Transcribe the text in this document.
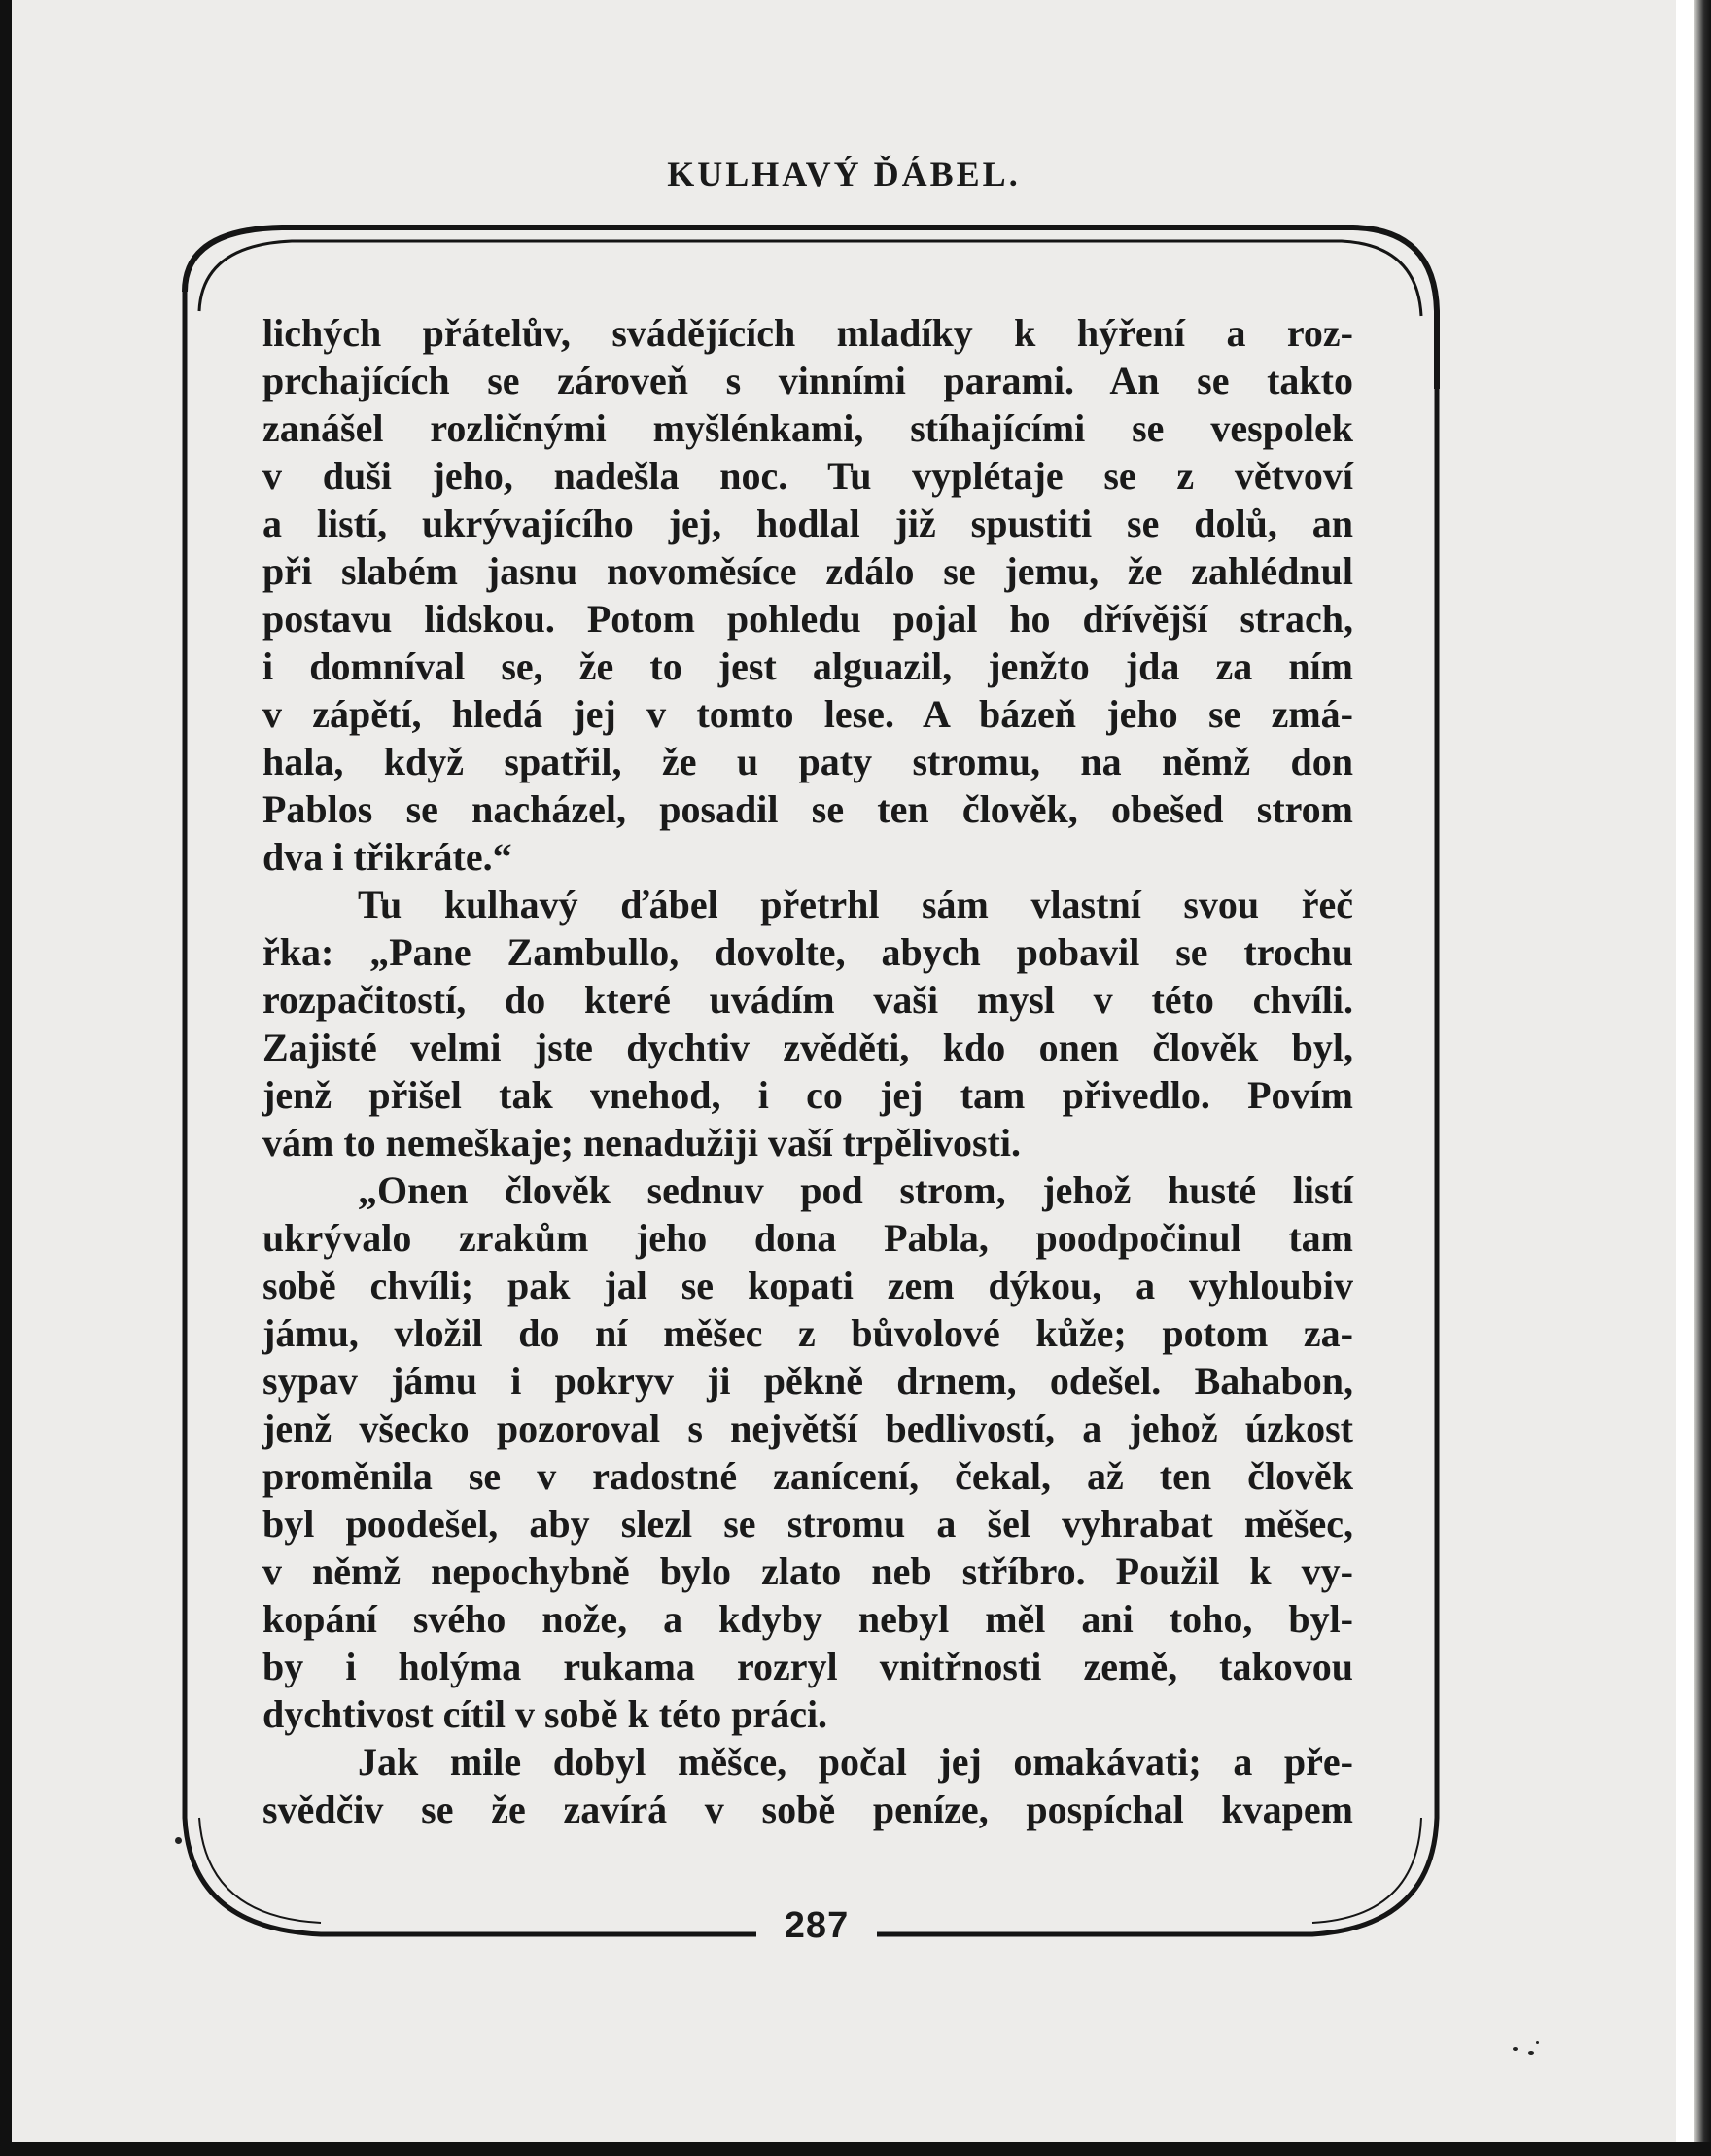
KULHAVÝ ĎÁBEL.
lichých přátelův, svádějících mladíky k hýření a roz-
prchajících se zároveň s vinními parami. An se takto
zanášel rozličnými myšlénkami, stíhajícími se vespolek
v duši jeho, nadešla noc. Tu vyplétaje se z větvoví
a listí, ukrývajícího jej, hodlal již spustiti se dolů, an
při slabém jasnu novoměsíce zdálo se jemu, že zahlédnul
postavu lidskou. Potom pohledu pojal ho dřívější strach,
i domníval se, že to jest alguazil, jenžto jda za ním
v zápětí, hledá jej v tomto lese. A bázeň jeho se zmá-
hala, když spatřil, že u paty stromu, na němž don
Pablos se nacházel, posadil se ten člověk, obešed strom
dva i třikráte.“
Tu kulhavý ďábel přetrhl sám vlastní svou řeč
řka: „Pane Zambullo, dovolte, abych pobavil se trochu
rozpačitostí, do které uvádím vaši mysl v této chvíli.
Zajisté velmi jste dychtiv zvěděti, kdo onen člověk byl,
jenž přišel tak vnehod, i co jej tam přivedlo. Povím
vám to nemeškaje; nenadužiji vaší trpělivosti.
„Onen člověk sednuv pod strom, jehož husté listí
ukrývalo zrakům jeho dona Pabla, poodpočinul tam
sobě chvíli; pak jal se kopati zem dýkou, a vyhloubiv
jámu, vložil do ní měšec z bůvolové kůže; potom za-
sypav jámu i pokryv ji pěkně drnem, odešel. Bahabon,
jenž všecko pozoroval s největší bedlivostí, a jehož úzkost
proměnila se v radostné zanícení, čekal, až ten člověk
byl poodešel, aby slezl se stromu a šel vyhrabat měšec,
v němž nepochybně bylo zlato neb stříbro. Použil k vy-
kopání svého nože, a kdyby nebyl měl ani toho, byl-
by i holýma rukama rozryl vnitřnosti země, takovou
dychtivost cítil v sobě k této práci.
Jak mile dobyl měšce, počal jej omakávati; a pře-
svědčiv se že zavírá v sobě peníze, pospíchal kvapem
287
